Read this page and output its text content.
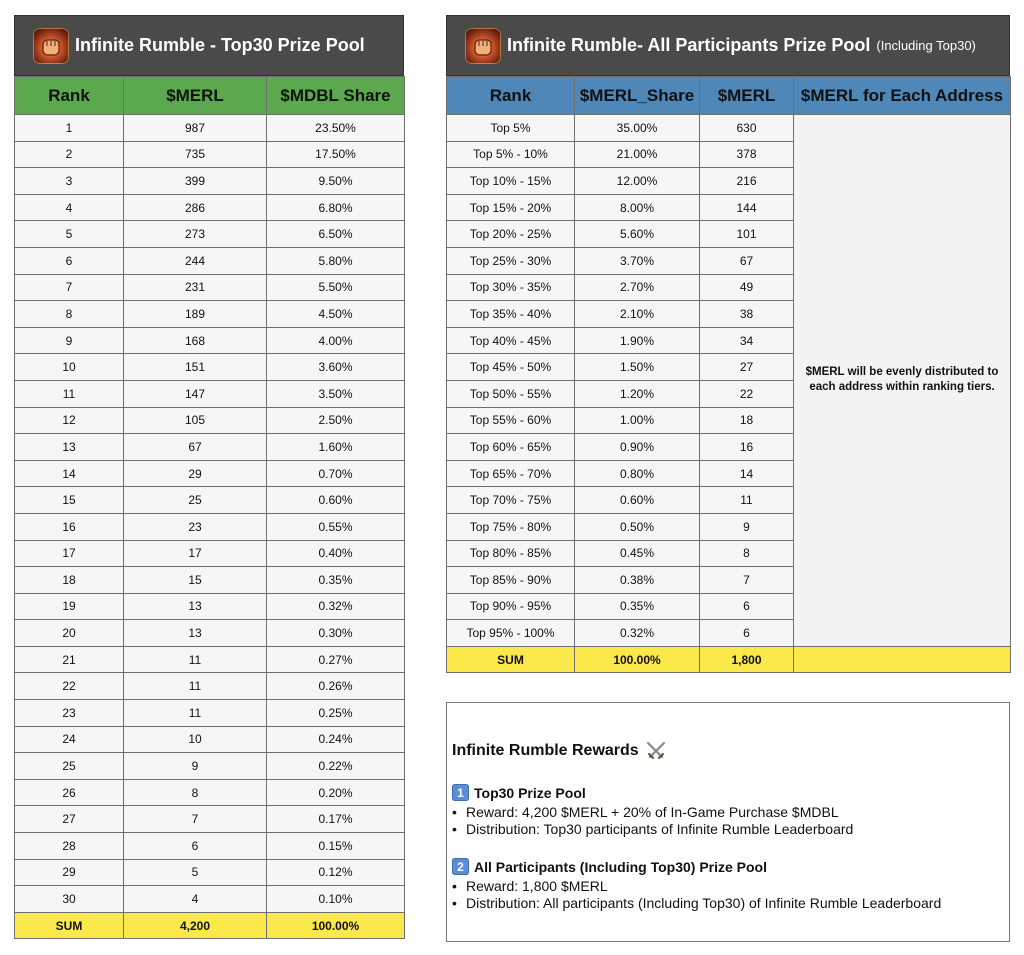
Infinite Rumble - Top30 Prize Pool
Rank	$MERL	$MDBL Share
1	987	23.50%
2	735	17.50%
3	399	9.50%
4	286	6.80%
5	273	6.50%
6	244	5.80%
7	231	5.50%
8	189	4.50%
9	168	4.00%
10	151	3.60%
11	147	3.50%
12	105	2.50%
13	67	1.60%
14	29	0.70%
15	25	0.60%
16	23	0.55%
17	17	0.40%
18	15	0.35%
19	13	0.32%
20	13	0.30%
21	11	0.27%
22	11	0.26%
23	11	0.25%
24	10	0.24%
25	9	0.22%
26	8	0.20%
27	7	0.17%
28	6	0.15%
29	5	0.12%
30	4	0.10%
SUM	4,200	100.00%
Infinite Rumble- All Participants Prize Pool (Including Top30)
Rank	$MERL_Share	$MERL	$MERL for Each Address
Top 5%	35.00%	630	$MERL will be evenly distributed to each address within ranking tiers.
Top 5% - 10%	21.00%	378	
Top 10% - 15%	12.00%	216	
Top 15% - 20%	8.00%	144	
Top 20% - 25%	5.60%	101	
Top 25% - 30%	3.70%	67	
Top 30% - 35%	2.70%	49	
Top 35% - 40%	2.10%	38	
Top 40% - 45%	1.90%	34	
Top 45% - 50%	1.50%	27	
Top 50% - 55%	1.20%	22	
Top 55% - 60%	1.00%	18	
Top 60% - 65%	0.90%	16	
Top 65% - 70%	0.80%	14	
Top 70% - 75%	0.60%	11	
Top 75% - 80%	0.50%	9	
Top 80% - 85%	0.45%	8	
Top 85% - 90%	0.38%	7	
Top 90% - 95%	0.35%	6	
Top 95% - 100%	0.32%	6	
SUM	100.00%	1,800	
Infinite Rumble Rewards
1 Top30 Prize Pool
• Reward: 4,200 $MERL + 20% of In-Game Purchase $MDBL
• Distribution: Top30 participants of Infinite Rumble Leaderboard
2 All Participants (Including Top30) Prize Pool
• Reward: 1,800 $MERL
• Distribution: All participants (Including Top30) of Infinite Rumble Leaderboard
